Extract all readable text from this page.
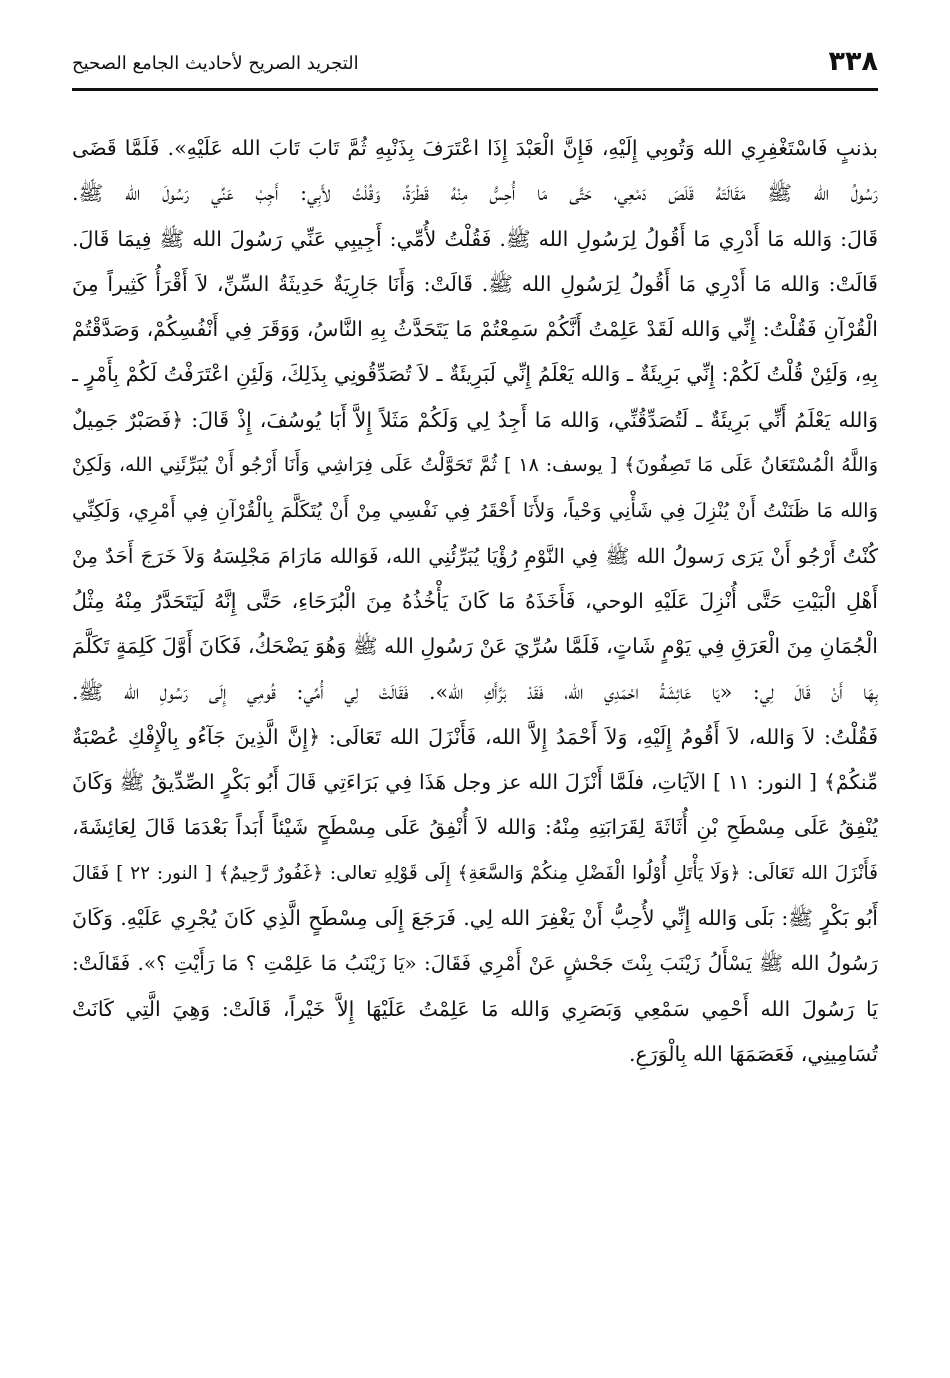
٣٣٨
التجريد الصريح لأحاديث الجامع الصحيح
بذنبٍ فَاسْتَغْفِرِي الله وَتُوبِي إِلَيْهِ، فَإِنَّ الْعَبْدَ إِذَا اعْتَرَفَ بِذَنْبِهِ ثُمَّ تَابَ تَابَ الله عَلَيْهِ». فَلَمَّا قَضَى
رَسُولُ الله ﷺ مَقَالَتَهُ قَلَصَ دَمْعِي، حَتَّى مَا أُحِسُّ مِنْهُ قَطْرَةً، وَقُلْتُ لأَبِي: أَجِبْ عَنِّي رَسُولَ الله ﷺ.
قَالَ: وَالله مَا أَدْرِي مَا أَقُولُ لِرَسُولِ الله ﷺ. فَقُلْتُ لأُمِّي: أَجِيبِي عَنِّي رَسُولَ الله ﷺ فِيمَا قَالَ.
قَالَتْ: وَالله مَا أَدْرِي مَا أَقُولُ لِرَسُولِ الله ﷺ. قَالَتْ: وَأَنَا جَارِيَةٌ حَدِيثَةُ السِّنِّ، لاَ أَقْرَأُ كَثِيراً مِنَ
الْقُرْآنِ فَقُلْتُ: إِنِّي وَالله لَقَدْ عَلِمْتُ أَنَّكُمْ سَمِعْتُمْ مَا يَتَحَدَّثُ بِهِ النَّاسُ، وَوَقَرَ فِي أَنْفُسِكُمْ، وَصَدَّقْتُمْ
بِهِ، وَلَئِنْ قُلْتُ لَكُمْ: إِنِّي بَرِيئَةٌ ـ وَالله يَعْلَمُ إِنِّي لَبَرِيئَةٌ ـ لاَ تُصَدِّقُونِي بِذَلِكَ، وَلَئِنِ اعْتَرَفْتُ لَكُمْ بِأَمْرٍ ـ
وَالله يَعْلَمُ أَنِّي بَرِيئَةٌ ـ لَتُصَدِّقُنِّي، وَالله مَا أَجِدُ لِي وَلَكُمْ مَثَلاً إِلاَّ أَبَا يُوسُفَ، إِذْ قَالَ: ﴿فَصَبْرٌ جَمِيلٌ
وَاللَّهُ الْمُسْتَعَانُ عَلَى مَا تَصِفُونَ﴾ [ يوسف: ١٨ ] ثُمَّ تَحَوَّلْتُ عَلَى فِرَاشِي وَأَنَا أَرْجُو أَنْ يُبَرِّئَنِي الله، وَلَكِنْ
وَالله مَا ظَنَنْتُ أَنْ يُنْزِلَ فِي شَأْنِي وَحْياً، وَلأَنَا أَحْقَرُ فِي نَفْسِي مِنْ أَنْ يُتَكَلَّمَ بِالْقُرْآنِ فِي أَمْرِي، وَلَكِنِّي
كُنْتُ أَرْجُو أَنْ يَرَى رَسولُ الله ﷺ فِي النَّوْمِ رُؤْيَا يُبَرِّئُنِي الله، فَوَالله مَارَامَ مَجْلِسَهُ وَلاَ خَرَجَ أَحَدٌ مِنْ
أَهْلِ الْبَيْتِ حَتَّى أُنْزِلَ عَلَيْهِ الوحي، فَأَخَذَهُ مَا كَانَ يَأْخُذُهُ مِنَ الْبُرَحَاءِ، حَتَّى إِنَّهُ لَيَتَحَدَّرُ مِنْهُ مِثْلُ
الْجُمَانِ مِنَ الْعَرَقِ فِي يَوْمٍ شَاتٍ، فَلَمَّا سُرِّيَ عَنْ رَسُولِ الله ﷺ وَهُوَ يَضْحَكُ، فَكَانَ أَوَّلَ كَلِمَةٍ تَكَلَّمَ
بِهَا أَنْ قَالَ لِي: «يَا عَائِشَةُ احْمَدِي الله، فَقَدْ بَرَّأَكِ الله». فَقَالَتْ لِي أُمِّي: قُومِي إِلَى رَسُولِ الله ﷺ.
فَقُلْتُ: لاَ وَالله، لاَ أَقُومُ إِلَيْهِ، وَلاَ أَحْمَدُ إِلاَّ الله، فَأَنْزَلَ الله تَعَالَى: ﴿إِنَّ الَّذِينَ جَآءُو بِالْإِفْكِ عُصْبَةٌ
مِّنكُمْ﴾ [ النور: ١١ ] الآيَاتِ، فلَمَّا أَنْزَلَ الله عز وجل هَذَا فِي بَرَاءَتِي قَالَ أَبُو بَكْرٍ الصِّدِّيقُ ﷺ وَكَانَ
يُنْفِقُ عَلَى مِسْطَحِ بْنِ أُثَاثَةَ لِقَرَابَتِهِ مِنْهُ: وَالله لاَ أُنْفِقُ عَلَى مِسْطَحٍ شَيْئاً أَبَداً بَعْدَمَا قَالَ لِعَائِشَةَ،
فَأَنْزَلَ الله تَعَالَى: ﴿وَلَا يَأْتَلِ أُوْلُوا الْفَضْلِ مِنكُمْ وَالسَّعَةِ﴾ إِلَى قَوْلِهِ تعالى: ﴿غَفُورٌ رَّحِيمٌ﴾ [ النور: ٢٢ ] فَقَالَ
أَبُو بَكْرٍ ﷺ: بَلَى وَالله إِنِّي لأُحِبُّ أَنْ يَغْفِرَ الله لِي. فَرَجَعَ إِلَى مِسْطَحٍ الَّذِي كَانَ يُجْرِي عَلَيْهِ. وَكَانَ
رَسُولُ الله ﷺ يَسْأَلُ زَيْنَبَ بِنْتَ جَحْشٍ عَنْ أَمْرِي فَقَالَ: «يَا زَيْنَبُ مَا عَلِمْتِ ؟ مَا رَأَيْتِ ؟». فَقَالَتْ:
يَا رَسُولَ الله أَحْمِي سَمْعِي وَبَصَرِي وَالله مَا عَلِمْتُ عَلَيْهَا إِلاَّ خَيْراً، قَالَتْ: وَهِيَ الَّتِي كَانَتْ
تُسَامِينِي، فَعَصَمَهَا الله بِالْوَرَعِ.
